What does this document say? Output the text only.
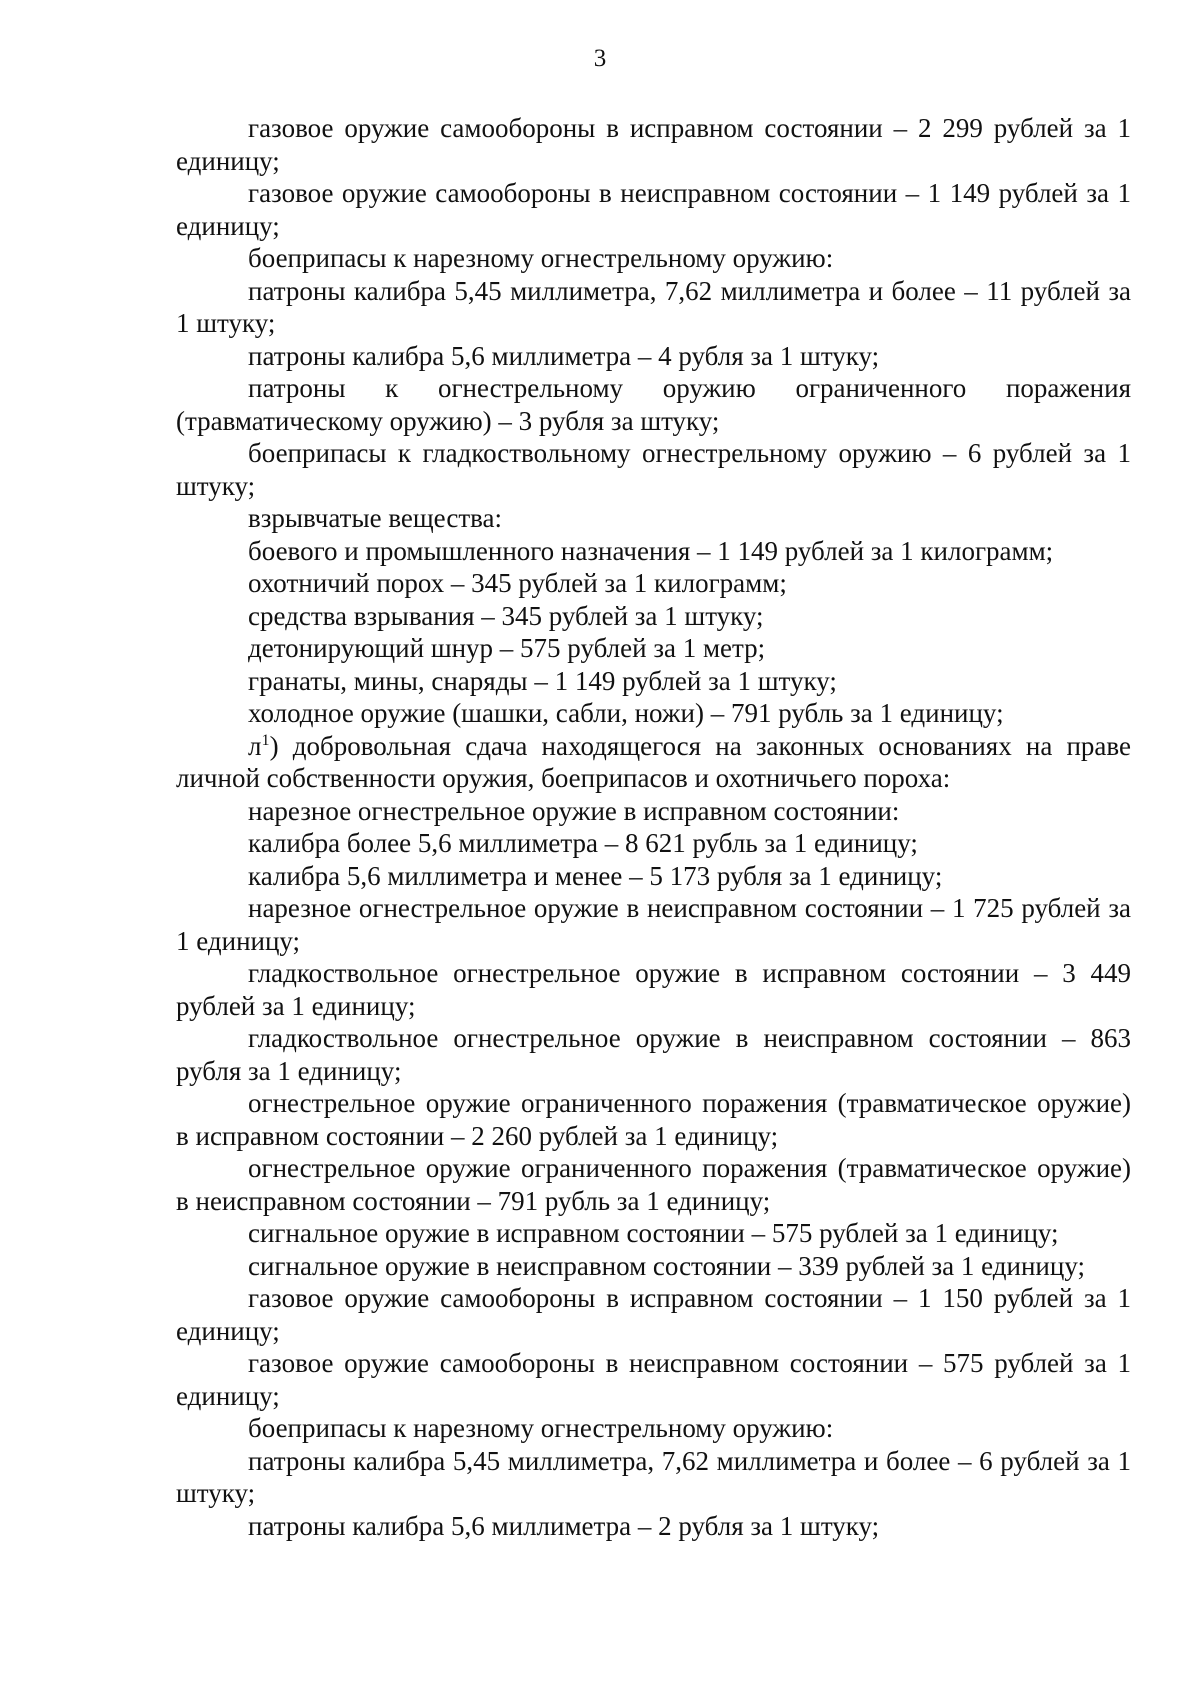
3

газовое оружие самообороны в исправном состоянии – 2 299 рублей за 1 единицу;

газовое оружие самообороны в неисправном состоянии – 1 149 рублей за 1 единицу;

боеприпасы к нарезному огнестрельному оружию:

патроны калибра 5,45 миллиметра, 7,62 миллиметра и более – 11 рублей за 1 штуку;

патроны калибра 5,6 миллиметра – 4 рубля за 1 штуку;

патроны к огнестрельному оружию ограниченного поражения (травматическому оружию) – 3 рубля за штуку;

боеприпасы к гладкоствольному огнестрельному оружию – 6 рублей за 1 штуку;

взрывчатые вещества:

боевого и промышленного назначения – 1 149 рублей за 1 килограмм;

охотничий порох – 345 рублей за 1 килограмм;

средства взрывания – 345 рублей за 1 штуку;

детонирующий шнур – 575 рублей за 1 метр;

гранаты, мины, снаряды – 1 149 рублей за 1 штуку;

холодное оружие (шашки, сабли, ножи) – 791 рубль за 1 единицу;

$л^1$) добровольная сдача находящегося на законных основаниях на праве личной собственности оружия, боеприпасов и охотничьего пороха:

нарезное огнестрельное оружие в исправном состоянии:

калибра более 5,6 миллиметра – 8 621 рубль за 1 единицу;

калибра 5,6 миллиметра и менее – 5 173 рубля за 1 единицу;

нарезное огнестрельное оружие в неисправном состоянии – 1 725 рублей за 1 единицу;

гладкоствольное огнестрельное оружие в исправном состоянии – 3 449 рублей за 1 единицу;

гладкоствольное огнестрельное оружие в неисправном состоянии – 863 рубля за 1 единицу;

огнестрельное оружие ограниченного поражения (травматическое оружие) в исправном состоянии – 2 260 рублей за 1 единицу;

огнестрельное оружие ограниченного поражения (травматическое оружие) в неисправном состоянии – 791 рубль за 1 единицу;

сигнальное оружие в исправном состоянии – 575 рублей за 1 единицу;

сигнальное оружие в неисправном состоянии – 339 рублей за 1 единицу;

газовое оружие самообороны в исправном состоянии – 1 150 рублей за 1 единицу;

газовое оружие самообороны в неисправном состоянии – 575 рублей за 1 единицу;

боеприпасы к нарезному огнестрельному оружию:

патроны калибра 5,45 миллиметра, 7,62 миллиметра и более – 6 рублей за 1 штуку;

патроны калибра 5,6 миллиметра – 2 рубля за 1 штуку;
